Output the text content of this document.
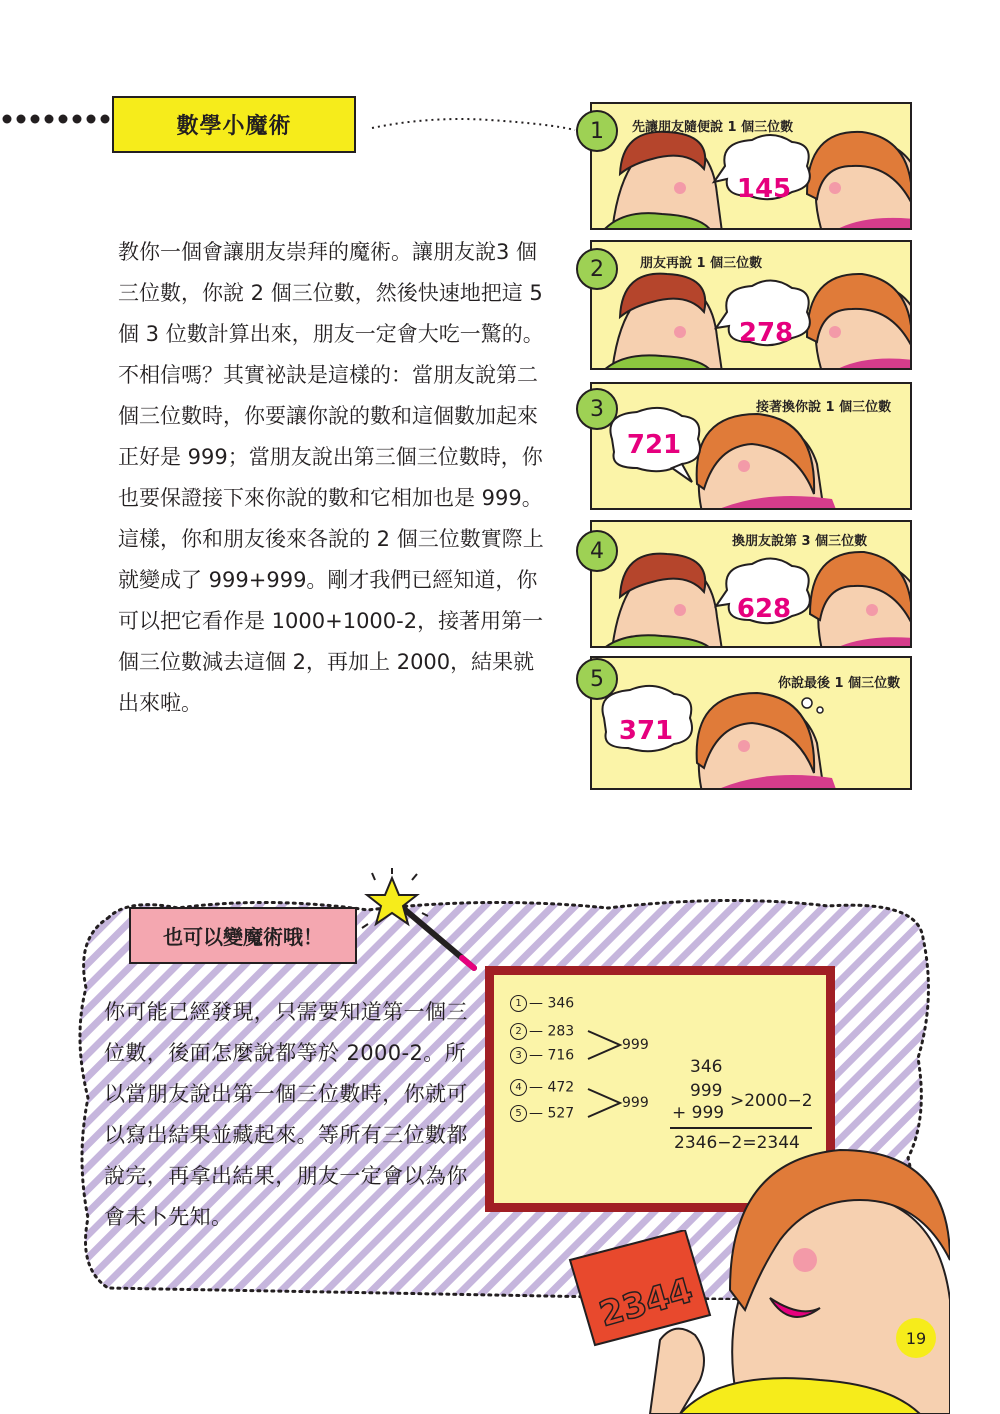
數學小魔術

教你一個會讓朋友崇拜的魔術。讓朋友說3 個三位數，你說 2 個三位數，然後快速地把這 5 個 3 位數計算出來，朋友一定會大吃一驚的。

不相信嗎？其實祕訣是這樣的：當朋友說第二個三位數時，你要讓你說的數和這個數加起來正好是 999；當朋友說出第三個三位數時，你也要保證接下來你說的數和它相加也是 999。

這樣，你和朋友後來各說的 2 個三位數實際上就變成了 999+999。剛才我們已經知道，你可以把它看作是 1000+1000-2，接著用第一個三位數減去這個 2，再加上 2000，結果就出來啦。

1	先讓朋友隨便說 1 個三位數
145
2	朋友再說 1 個三位數
278
3	接著換你說 1 個三位數
721
4	換朋友說第 3 個三位數
628
5	你說最後 1 個三位數
371
也可以變魔術哦！
你可能已經發現，只需要知道第一個三位數，後面怎麼說都等於 2000-2。所以當朋友說出第一個三位數時，你就可以寫出結果並藏起來。等所有三位數都說完，再拿出結果，朋友一定會以為你會未卜先知。
1 — 346
2 — 283
3 — 716
999
4 — 472
5 — 527
999
346
999
+ 999
>2000−2
2346−2=2344
2344
19
